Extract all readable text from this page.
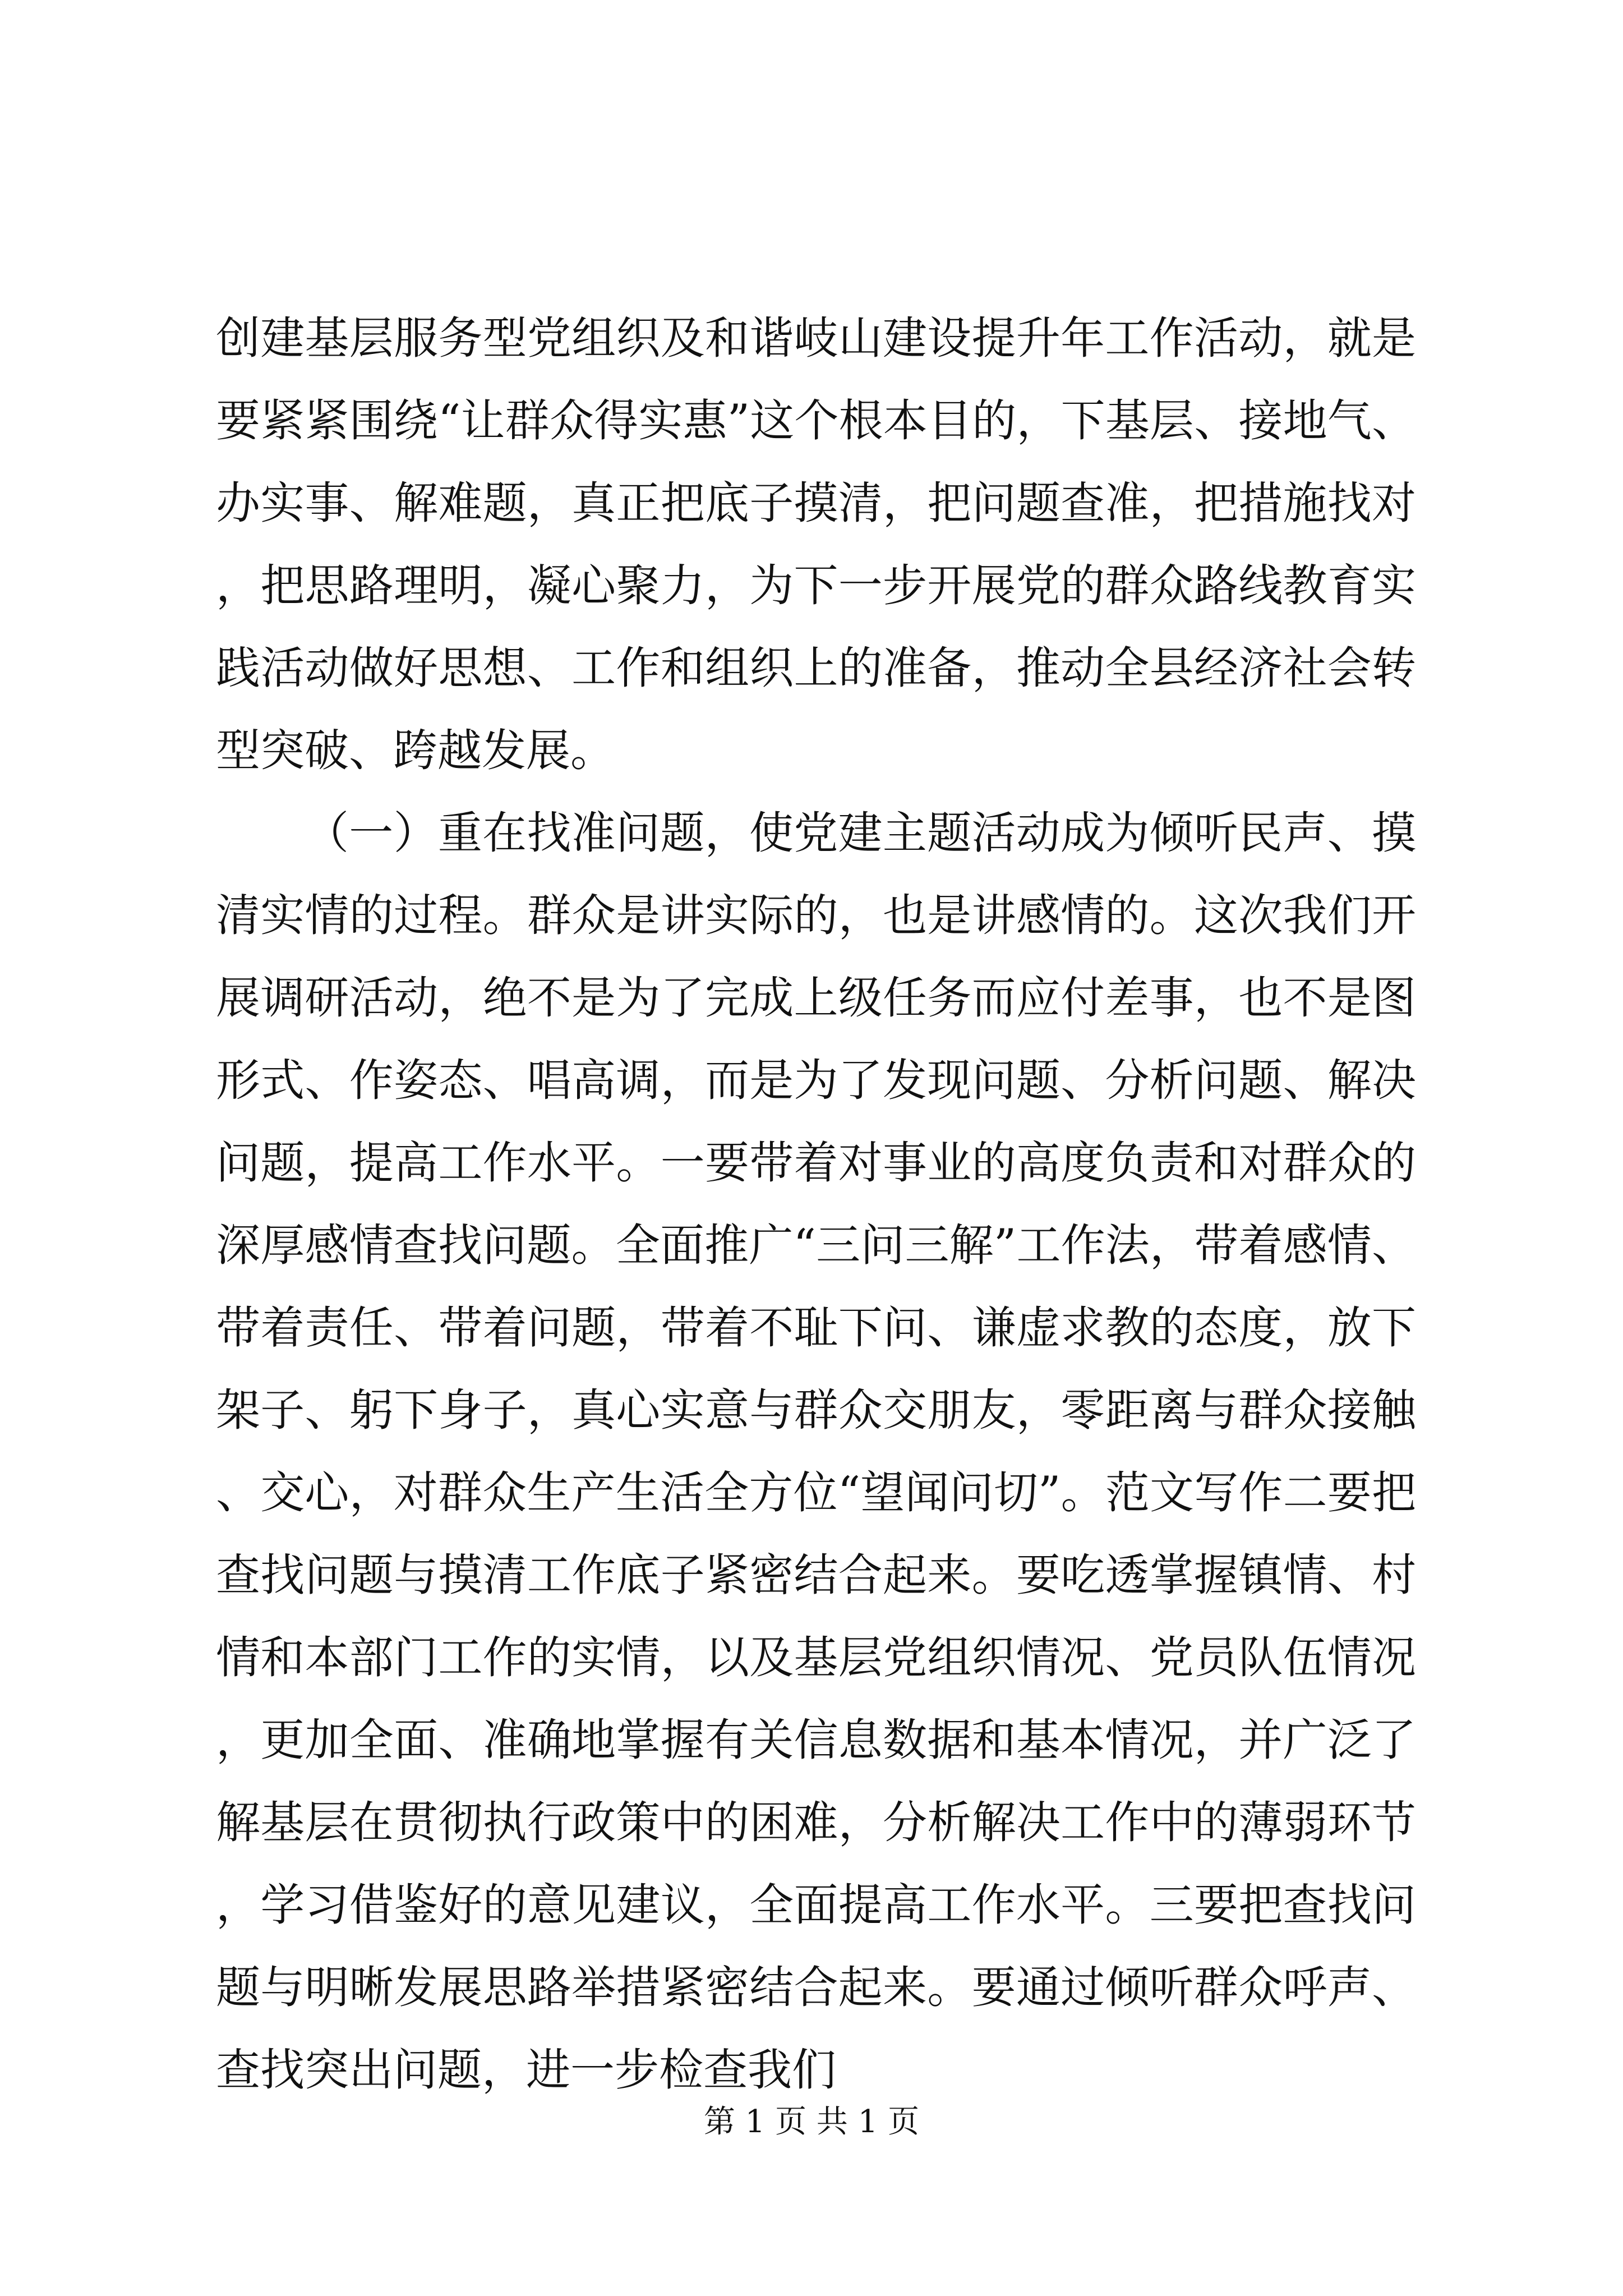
创建基层服务型党组织及和谐岐山建设提升年工作活动，就是要紧紧围绕“让群众得实惠”这个根本目的，下基层、接地气、办实事、解难题，真正把底子摸清，把问题查准，把措施找对，把思路理明，凝心聚力，为下一步开展党的群众路线教育实践活动做好思想、工作和组织上的准备，推动全县经济社会转型突破、跨越发展。

（一）重在找准问题，使党建主题活动成为倾听民声、摸清实情的过程。群众是讲实际的，也是讲感情的。这次我们开展调研活动，绝不是为了完成上级任务而应付差事，也不是图形式、作姿态、唱高调，而是为了发现问题、分析问题、解决问题，提高工作水平。一要带着对事业的高度负责和对群众的深厚感情查找问题。全面推广“三问三解”工作法，带着感情、带着责任、带着问题，带着不耻下问、谦虚求教的态度，放下架子、躬下身子，真心实意与群众交朋友，零距离与群众接触、交心，对群众生产生活全方位“望闻问切”。范文写作二要把查找问题与摸清工作底子紧密结合起来。要吃透掌握镇情、村情和本部门工作的实情，以及基层党组织情况、党员队伍情况，更加全面、准确地掌握有关信息数据和基本情况，并广泛了解基层在贯彻执行政策中的困难，分析解决工作中的薄弱环节，学习借鉴好的意见建议，全面提高工作水平。三要把查找问题与明晰发展思路举措紧密结合起来。要通过倾听群众呼声、查找突出问题，进一步检查我们

第 1 页 共 1 页
